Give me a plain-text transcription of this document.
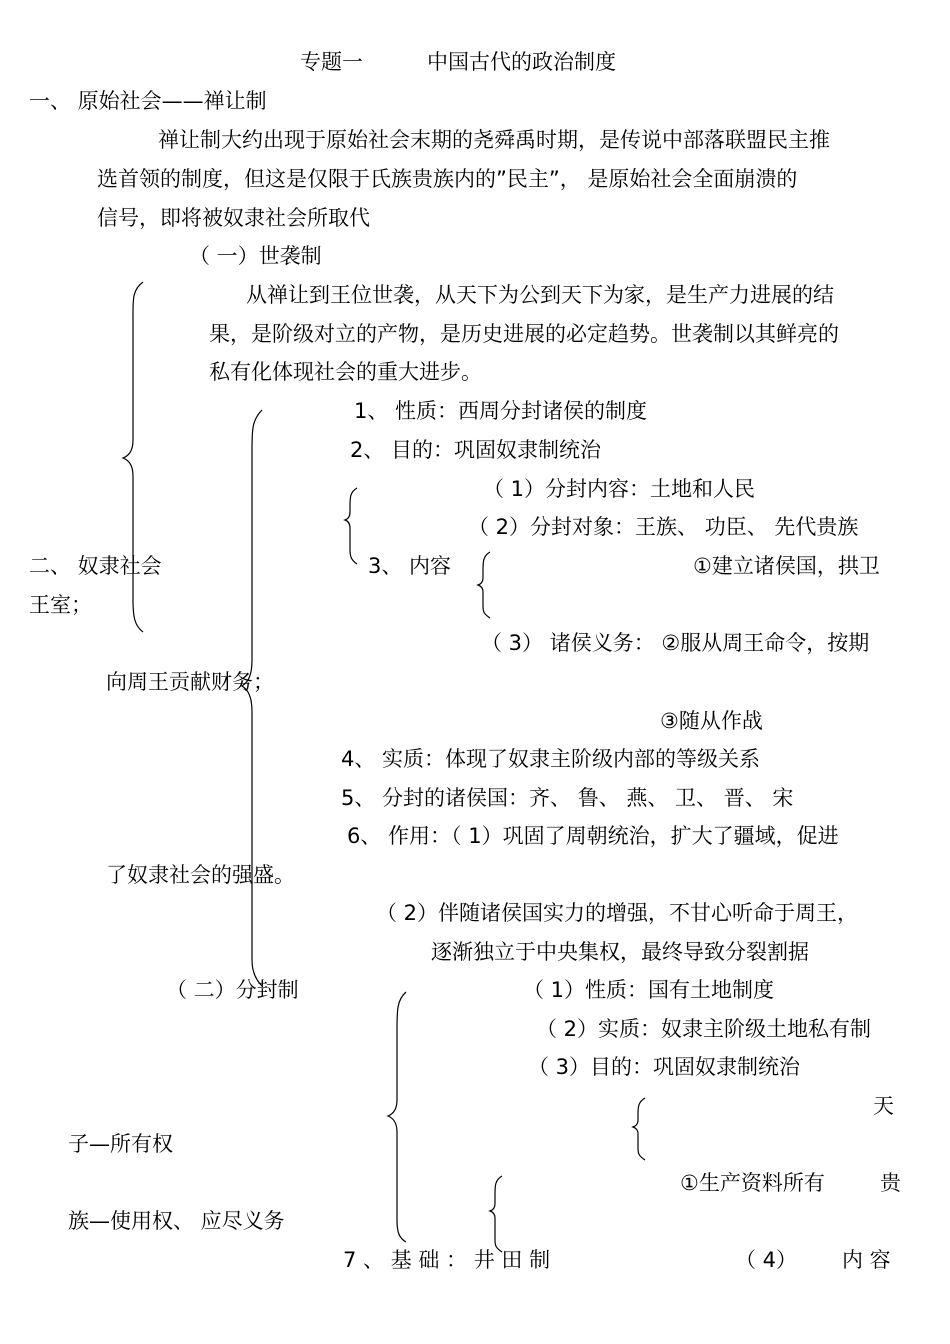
专题一	中国古代的政治制度
一、 原始社会——禅让制
禅让制大约出现于原始社会末期的尧舜禹时期，是传说中部落联盟民主推
选首领的制度，但这是仅限于氏族贵族内的”民主”， 是原始社会全面崩溃的
信号，即将被奴隶社会所取代
（ 一）世袭制
从禅让到王位世袭，从天下为公到天下为家，是生产力进展的结
果，是阶级对立的产物，是历史进展的必定趋势。世袭制以其鲜亮的
私有化体现社会的重大进步。
1、 性质：西周分封诸侯的制度
2、 目的：巩固奴隶制统治
（ 1）分封内容：土地和人民
（ 2）分封对象：王族、 功臣、 先代贵族
二、 奴隶社会	3、 内容	①建立诸侯国，拱卫
王室；
（ 3） 诸侯义务： ②服从周王命令，按期
向周王贡献财务；
③随从作战
4、 实质：体现了奴隶主阶级内部的等级关系
5、 分封的诸侯国：齐、 鲁、 燕、 卫、 晋、 宋
6、 作用：（ 1）巩固了周朝统治，扩大了疆域，促进
了奴隶社会的强盛。
（ 2）伴随诸侯国实力的增强，不甘心听命于周王，
逐渐独立于中央集权，最终导致分裂割据
（ 二）分封制	（ 1）性质：国有土地制度
（ 2）实质：奴隶主阶级土地私有制
（ 3）目的：巩固奴隶制统治
天
子—所有权
①生产资料所有	贵
族—使用权、 应尽义务
7 、 基 础 ： 井 田 制	（ 4） 内 容
